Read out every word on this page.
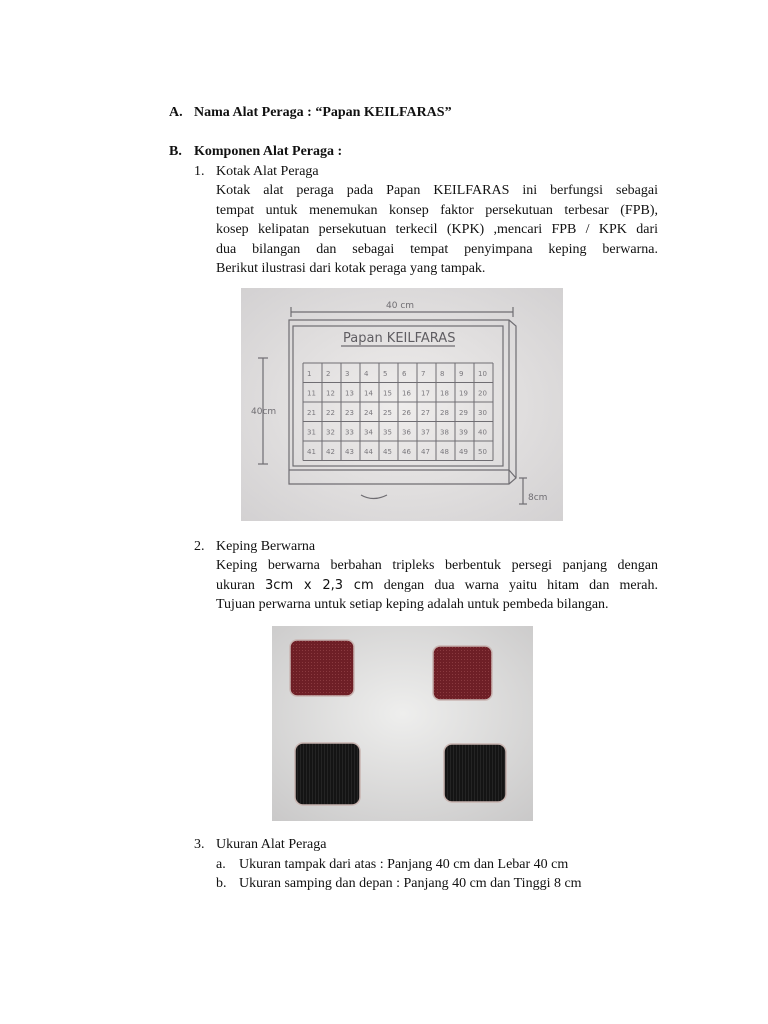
A. Nama Alat Peraga : “Papan KEILFARAS”
B. Komponen Alat Peraga :
1. Kotak Alat Peraga
Kotak alat peraga pada Papan KEILFARAS ini berfungsi sebagai
tempat untuk menemukan konsep faktor persekutuan terbesar (FPB),
kosep kelipatan persekutuan terkecil (KPK) ,mencari FPB / KPK dari
dua bilangan dan sebagai tempat penyimpana keping berwarna.
Berikut ilustrasi dari kotak peraga yang tampak.
1 2 3 4 5 6 7 8 9 10
11 12 13 14 15 16 17 18 19 20
21 22 23 24 25 26 27 28 29 30
31 32 33 34 35 36 37 38 39 40
41 42 43 44 45 46 47 48 49 50
40 cm
Papan KEILFARAS
40cm
8cm
2. Keping Berwarna
Keping berwarna berbahan tripleks berbentuk persegi panjang dengan
ukuran 3cm x 2,3 cm dengan dua warna yaitu hitam dan merah.
Tujuan perwarna untuk setiap keping adalah untuk pembeda bilangan.
3. Ukuran Alat Peraga
a. Ukuran tampak dari atas : Panjang 40 cm dan Lebar 40 cm
b. Ukuran samping dan depan : Panjang 40 cm dan Tinggi 8 cm
